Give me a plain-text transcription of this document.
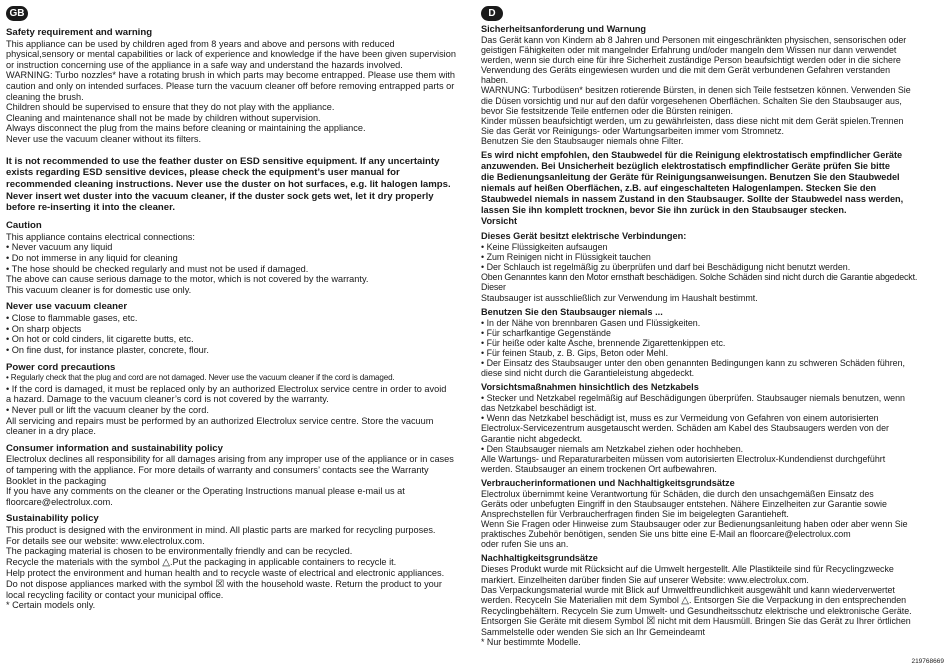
GB
Safety requirement and warning

This appliance can be used by children aged from 8 years and above and persons with reduced

physical,sensory or mental capabilities or lack of experience and knowledge if the have been given supervision

or instruction concerning use of the appliance in a safe way and understand the hazards involved.

WARNING: Turbo nozzles* have a rotating brush in which parts may become entrapped. Please use them with

caution and only on intended surfaces. Please turn the vacuum cleaner off before removing entrapped parts or

cleaning the brush.

Children should be supervised to ensure that they do not play with the appliance.

Cleaning and maintenance shall not be made by children without supervision.

Always disconnect the plug from the mains before cleaning or maintaining the appliance.

Never use the vacuum cleaner without its filters.

It is not recommended to use the feather duster on ESD sensitive equipment. If any uncertainty
exists regarding ESD sensitive devices, please check the equipment’s user manual for
recommended cleaning instructions. Never use the duster on hot surfaces, e.g. lit halogen lamps.
Never insert wet duster into the vacuum cleaner, if the duster sock gets wet, let it dry properly
before re-inserting it into the cleaner.
Caution

This appliance contains electrical connections:

• Never vacuum any liquid

• Do not immerse in any liquid for cleaning

• The hose should be checked regularly and must not be used if damaged.

The above can cause serious damage to the motor, which is not covered by the warranty.

This vacuum cleaner is for domestic use only.

Never use vacuum cleaner

• Close to flammable gases, etc.

• On sharp objects

• On hot or cold cinders, lit cigarette butts, etc.

• On fine dust, for instance plaster, concrete, flour.

Power cord precautions

• Regularly check that the plug and cord are not damaged. Never use the vacuum cleaner if the cord is damaged.

• If the cord is damaged, it must be replaced only by an authorized Electrolux service centre in order to avoid

a hazard. Damage to the vacuum cleaner’s cord is not covered by the warranty.

• Never pull or lift the vacuum cleaner by the cord.

All servicing and repairs must be performed by an authorized Electrolux service centre. Store the vacuum

cleaner in a dry place.

Consumer information and sustainability policy

Electrolux declines all responsibility for all damages arising from any improper use of the appliance or in cases

of tampering with the appliance. For more details of warranty and consumers’ contacts see the Warranty

Booklet in the packaging

If you have any comments on the cleaner or the Operating Instructions manual please e-mail us at

floorcare@electrolux.com.

Sustainability policy

This product is designed with the environment in mind. All plastic parts are marked for recycling purposes.

For details see our website: www.electrolux.com.

The packaging material is chosen to be environmentally friendly and can be recycled.

Recycle the materials with the symbol △.Put the packaging in applicable containers to recycle it.

Help protect the environment and human health and to recycle waste of electrical and electronic appliances.

Do not dispose appliances marked with the symbol ☒ with the household waste. Return the product to your

local recycling facility or contact your municipal office.

* Certain models only.

D
Sicherheitsanforderung und Warnung

Das Gerät kann von Kindern ab 8 Jahren und Personen mit eingeschränkten physischen, sensorischen oder

geistigen Fähigkeiten oder mit mangelnder Erfahrung und/oder mangeln dem Wissen nur dann verwendet

werden, wenn sie durch eine für ihre Sicherheit zuständige Person beaufsichtigt werden oder in die sichere

Verwendung des Geräts eingewiesen wurden und die mit dem Gerät verbundenen Gefahren verstanden

haben.

WARNUNG: Turbodüsen* besitzen rotierende Bürsten, in denen sich Teile festsetzen können. Verwenden Sie

die Düsen vorsichtig und nur auf den dafür vorgesehenen Oberflächen. Schalten Sie den Staubsauger aus,

bevor Sie festsitzende Teile entfernen oder die Bürsten reinigen.

Kinder müssen beaufsichtigt werden, um zu gewährleisten, dass diese nicht mit dem Gerät spielen.Trennen

Sie das Gerät vor Reinigungs- oder Wartungsarbeiten immer vom Stromnetz.

Benutzen Sie den Staubsauger niemals ohne Filter.

Es wird nicht empfohlen, den Staubwedel für die Reinigung elektrostatisch empfindlicher Geräte
anzuwenden. Bei Unsicherheit bezüglich elektrostatisch empfindlicher Geräte prüfen Sie bitte
die Bedienungsanleitung der Geräte für Reinigungsanweisungen. Benutzen Sie den Staubwedel
niemals auf heißen Oberflächen, z.B. auf eingeschalteten Halogenlampen. Stecken Sie den
Staubwedel niemals in nassem Zustand in den Staubsauger. Sollte der Staubwedel nass werden,
lassen Sie ihn komplett trocknen, bevor Sie ihn zurück in den Staubsauger stecken.
Vorsicht
Dieses Gerät besitzt elektrische Verbindungen:

• Keine Flüssigkeiten aufsaugen

• Zum Reinigen nicht in Flüssigkeit tauchen

• Der Schlauch ist regelmäßig zu überprüfen und darf bei Beschädigung nicht benutzt werden.

Oben Genanntes kann den Motor ernsthaft beschädigen. Solche Schäden sind nicht durch die Garantie abgedeckt. Dieser

Staubsauger ist ausschließlich zur Verwendung im Haushalt bestimmt.

Benutzen Sie den Staubsauger niemals ...

• In der Nähe von brennbaren Gasen und Flüssigkeiten.

• Für scharfkantige Gegenstände

• Für heiße oder kalte Asche, brennende Zigarettenkippen etc.

• Für feinen Staub, z. B. Gips, Beton oder Mehl.

• Der Einsatz des Staubsauger unter den oben genannten Bedingungen kann zu schweren Schäden führen,

diese sind nicht durch die Garantieleistung abgedeckt.

Vorsichtsmaßnahmen hinsichtlich des Netzkabels

• Stecker und Netzkabel regelmäßig auf Beschädigungen überprüfen. Staubsauger niemals benutzen, wenn

das Netzkabel beschädigt ist.

• Wenn das Netzkabel beschädigt ist, muss es zur Vermeidung von Gefahren von einem autorisierten

Electrolux-Servicezentrum ausgetauscht werden. Schäden am Kabel des Staubsaugers werden von der

Garantie nicht abgedeckt.

• Den Staubsauger niemals am Netzkabel ziehen oder hochheben.

Alle Wartungs- und Reparaturarbeiten müssen vom autorisierten Electrolux-Kundendienst durchgeführt

werden. Staubsauger an einem trockenen Ort aufbewahren.

Verbraucherinformationen und Nachhaltigkeitsgrundsätze

Electrolux übernimmt keine Verantwortung für Schäden, die durch den unsachgemäßen Einsatz des

Geräts oder unbefugten Eingriff in den Staubsauger entstehen. Nähere Einzelheiten zur Garantie sowie

Ansprechstellen für Verbraucherfragen finden Sie im beigelegten Garantieheft.

Wenn Sie Fragen oder Hinweise zum Staubsauger oder zur Bedienungsanleitung haben oder aber wenn Sie

praktisches Zubehör benötigen, senden Sie uns bitte eine E-Mail an floorcare@electrolux.com

oder rufen Sie uns an.

Nachhaltigkeitsgrundsätze

Dieses Produkt wurde mit Rücksicht auf die Umwelt hergestellt. Alle Plastikteile sind für Recyclingzwecke

markiert. Einzelheiten darüber finden Sie auf unserer Website: www.electrolux.com.

Das Verpackungsmaterial wurde mit Blick auf Umweltfreundlichkeit ausgewählt und kann wiederverwertet

werden. Recyceln Sie Materialien mit dem Symbol △. Entsorgen Sie die Verpackung in den entsprechenden

Recyclingbehältern. Recyceln Sie zum Umwelt- und Gesundheitsschutz elektrische und elektronische Geräte.

Entsorgen Sie Geräte mit diesem Symbol ☒ nicht mit dem Hausmüll. Bringen Sie das Gerät zu Ihrer örtlichen

Sammelstelle oder wenden Sie sich an Ihr Gemeindeamt

* Nur bestimmte Modelle.

219768669
